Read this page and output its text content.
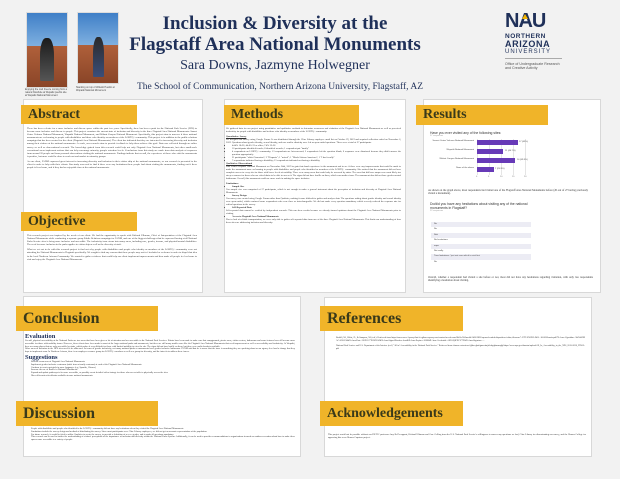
Enjoying the cool breeze coming from a natural blowhole at Wupatki pueblo site at Wupatki National Monument
Standing on top of Wukoki Pueblo at Wupatki National Monument
Inclusion & Diversity at the
Flagstaff Area National Monuments
Sara Downs, Jazmyne Holwegner
The School of Communication, Northern Arizona University, Flagstaff, AZ
NAU
NORTHERN
ARIZONA
UNIVERSITY
Office of Undergraduate Research and Creative Activity
Abstract

There has been a desire for a more inclusive and diverse space within the past few years. Specifically, there has been a push for the National Park Service (NPS) to become more inclusive and diverse to people. This project examines the current state of inclusion and diversity in the three Flagstaff Area National Monuments: Sunset Crater Volcano National Monument, Wupatki National Monument, and Walnut Canyon National Monument. Specifically, this project aims to uncover if these national monuments are welcoming to people with disabilities and those who identify as members of the LGBTQ+ community. This project is in addition to the public relations campaign that has been created for the client (Flagstaff Area National Monuments). The client has indicated that they are interested in increasing diversity and inclusion among their visitors at the national monuments. As such, our research aims to provide feedback to help them achieve this goal. Data was collected through an online survey as well as observational research. The knowledge gained from this research could help not only Flagstaff Area National Monuments, but other small-scale recreational areas implement actions that can help encourage minority group's retention levels. Conclusions from this study are made from data analysis of responses from around 20 people and from personal observations visiting the national monuments. Findings indicate that overall, the experience of those who visit the monuments is positive, but more could be done to reach out and market to minority groups.

As our client, FANM expressed great interest in increasing diversity and inclusion in their visitor ship of the national monuments, so our research is presented to the client in order to help with their efforts. Our study was used to find if there were any hesitations these people had about visiting the monuments, finding out if these people felt welcome, and if they had an enjoyable time at the national monuments.

Objective

This research project was inspired by the needs of our client. We had the opportunity to speak with Richard Ullmann, Chief of Interpretation of the Flagstaff Area National Monuments while conducting a separate group Public Relations campaign for FANM, and one of the biggest challenges that he expressed having at all National Parks Service sites is being more inclusive and accessible. The inclusivity issue stems into many areas, including race, gender, income, and physical/mental disabilities. The need for more inclusion in the parks applies to visitor ship as well as the diversity of staff.

What we set out to do with this research project is find out why people with disabilities and people who identify as members of the LGBTQ+ community were not attending the National Monuments in Flagstaff specifically. We sought to find any reasons that these people may not feel included or welcome in order to dispel that idea in the local Northern Arizona Community. We wanted to gather evidence that could help our client implement improvements and then make all people feel welcome to visit and enjoy the Flagstaff Area National Monuments.

Methods

We gathered data for our project using quantitative and qualitative methods to determine awareness and visitation of the Flagstaff Area National Monuments as well as perceived inclusivity for people with disabilities and to those who identify as members of the LGBTQ+ community.

Quantitative: Survey
We designed our survey using Google Forms. It was distributed through the Cline Library employee email list on October 29, 2019 and acquired collection ended on November 6, 2019. Questions about gender identity, sexual identity, and race and/or ethnicity were left as open-ended questions. There were a total of 27 participants.
• 44.4% 18-22; 44.4% 23 or older; 7.4% 23-28
• 16 participants identified female; 8 identified as male; 1 respondent put "family"
• 4 respondents an LGBTQ+ community; 13 respondents are heterosexual; 3 respondents left the question blank; 6 responses were dismissed because they didn't answer the question appropriately
• 21 participants "white/Caucasian"; 2 "Hispanic"; 1 "mixed"; 1 "Black/African American"; 1 "I don't really"
• 7 respondents indicated having a disability; 13 respondents indicated not having a disability
Qualitative: Observational

Sara visited Wupatki National Monument on November 24th, 2019 to gain first-hand experience in the monument and to see if there were any improvements that could be made to make the monument more welcoming to people with disabilities and people who identified as members of the LGBTQ+ community. She noticed that the monument did not have complete access to every site for those with lower levels of mobility. There were many areas that could only be accessed by stairs. The ones that did have ramps were most likely too steep or narrow for those who use wheelchairs to be able to access it. The signs did not have braille on them, which was another issue. The monument also did not have gender neutral bathrooms. Overall, this monument could use more work in making the space inclusive.

Limitations:
• Sample Size
Our sample size was comprised of 27 participants, which is not enough to make a general statement about the perception of inclusion and diversity at Flagstaff Area National Monuments.
• Survey Design
Our survey was created using Google Forms rather than Qualtrics, making it more difficult to gather and analyze data. The questions asking about gender identity and sexual identity were open-ended, which confused some respondents who were there as interchangeable. We did not make every question mandatory which severely reduced the response rate for critical questions in the survey.
• Self-Reported Data
Self-reported data cannot be verified by independent research. This can skew results because we already formed opinions about the Flagstaff Area National Monuments prior to visiting.
• Access to Flagstaff Area National Monuments
Due to lack of reliable transportation, we were only able to gather self-reported data from one of the three Flagstaff Area National Monuments. This limits our understanding of how these sites are addressing inclusion and diversity.
Results
Have you ever visited any of the following sites:
27 responses
Sunset Crater Volcano National Monument	17 (63%)
Wupatki National Monument	11 (40.7%)
Walnut Canyon National Monument	16 (59.3%)
None of the above	7 (25.9%)
0	5	10	15	20
As shown on the graph above, most respondents had visited one of the Flagstaff Area National Monuments before (20 out of 27 having previously visited a monument).
Do/did you have any hesitations about visiting any of the national monuments in Flagstaff?
22 responses
No
No
Nah
No hesitations
nope
Not really
Time limitations / just not sure which to visit first
No
Overall, whether a respondent had visited a site before or not, most did not have any hesitations regarding visitation, with only two respondents identifying a hesitation about visiting.
Conclusion
Evaluation
Overall, physical accessibility at the National Parks are two areas that have been given a lot of attention and are accessible to the National Park Services. Efforts have been made to make sure that campgrounds, picnic areas, visitor centers, bathrooms and some features have all become more accessible for those with mobility issues. However, these efforts have been made in most of the larger national parks and monuments, but there are still many smaller ones like the Flagstaff Area National Monuments that need improvement as well as accessibility and inclusivity. At Wupatki, there are many places that are only accessible by stairs, which makes it very difficult for those with limited mobility to view the site. The signs did not have braille on them, but there were audio headsets available.
Other areas of inclusion in the NPS sites need to be addressed. In terms of gender inclusivity, not many national parks or monuments have gender inclusive bathrooms. FANM said that he is aware that the issue is something they are speaking about on an agency level and a change that they hope to implement soon. In Northern Arizona, there is an employee resource group for LGBTQ+ members as well as a group for diversity, and the intent is to address these issues.
Suggestions
• Increase awareness of Flagstaff Area National Monuments
• Implement gender inclusive restrooms (aside from a family restroom) at each of the Flagstaff Area National Monuments
• Continue to create materials in more languages (e.g. Spanish, Chinese)
• Increase the use of Braille in National Monuments
• Expand and update pathways to be more accessible, or possibly create detailed video footage for those who are not able to physically access the sites
• Have all-terrain wheelchairs available at more national monuments
Discussion
• People with disabilities and people who identified in the LGBTQ+ community did not have any hesitations when they visited the Flagstaff Area National Monuments.
• Limitations include the survey design and method of distributing the survey. Since most participants were Cline Library employees, we did not get an accurate representation of the population.
• For future research, it would be ideal to utilize Qualtrics to create the survey, to provide a definition of sex vs. gender, and to make all questions mandatory.
• This research can be used to further the understanding of visitors' perceptions of the importance of inclusion and diversity within the National Parks System. Additionally, it can be used to provide recommendations to organizations focused on outdoor recreation about how to make these spaces more accessible to a variety of people.
References
• Bedalli, M., White, D., & Sampson, M. (n.d.). Retrieved from https://nau-a-user-1.proxy.flmf-it.egibsn.ezproxy.com/content/m.cdn.com/06d1e/S0/base44/1436/3830/openurl-embed-disposition=inline;filename*=UTF-8'S0952-9451=16-0026-main.pdf?X-Amz-Algorithm=AWS4-HMAC-SHA256&X-Amz-Date=20191127T020955Z&X-Amz-SignedHeaders=host&X-Amz-Expires=3000&X-Amz-Credential=AKIAQ3PHCVTY&X-Amz-Signature=...
• National Park Service and U.S. Department of the Interior. (n.d.) "All in! Accessibility in the National Park Service." Retrieved from chrome-extension://gbkeegbaiigmenfmjfclcdgdpimamgkj/https://www.nps.gov/aboutus/upload/All_In_Accessibility_in_the_NPS_2015-2020_FINAL.pdf
Acknowledgements
This project would not be possible without our PR/TJC professor Amy Bell's support, Richard Ullmann and Case Gelling from the U.S. National Park Service's willingness to answer any questions we had, Cline Library for disseminating our survey, and the Honors College for approving this as an Honors Capstone project.
